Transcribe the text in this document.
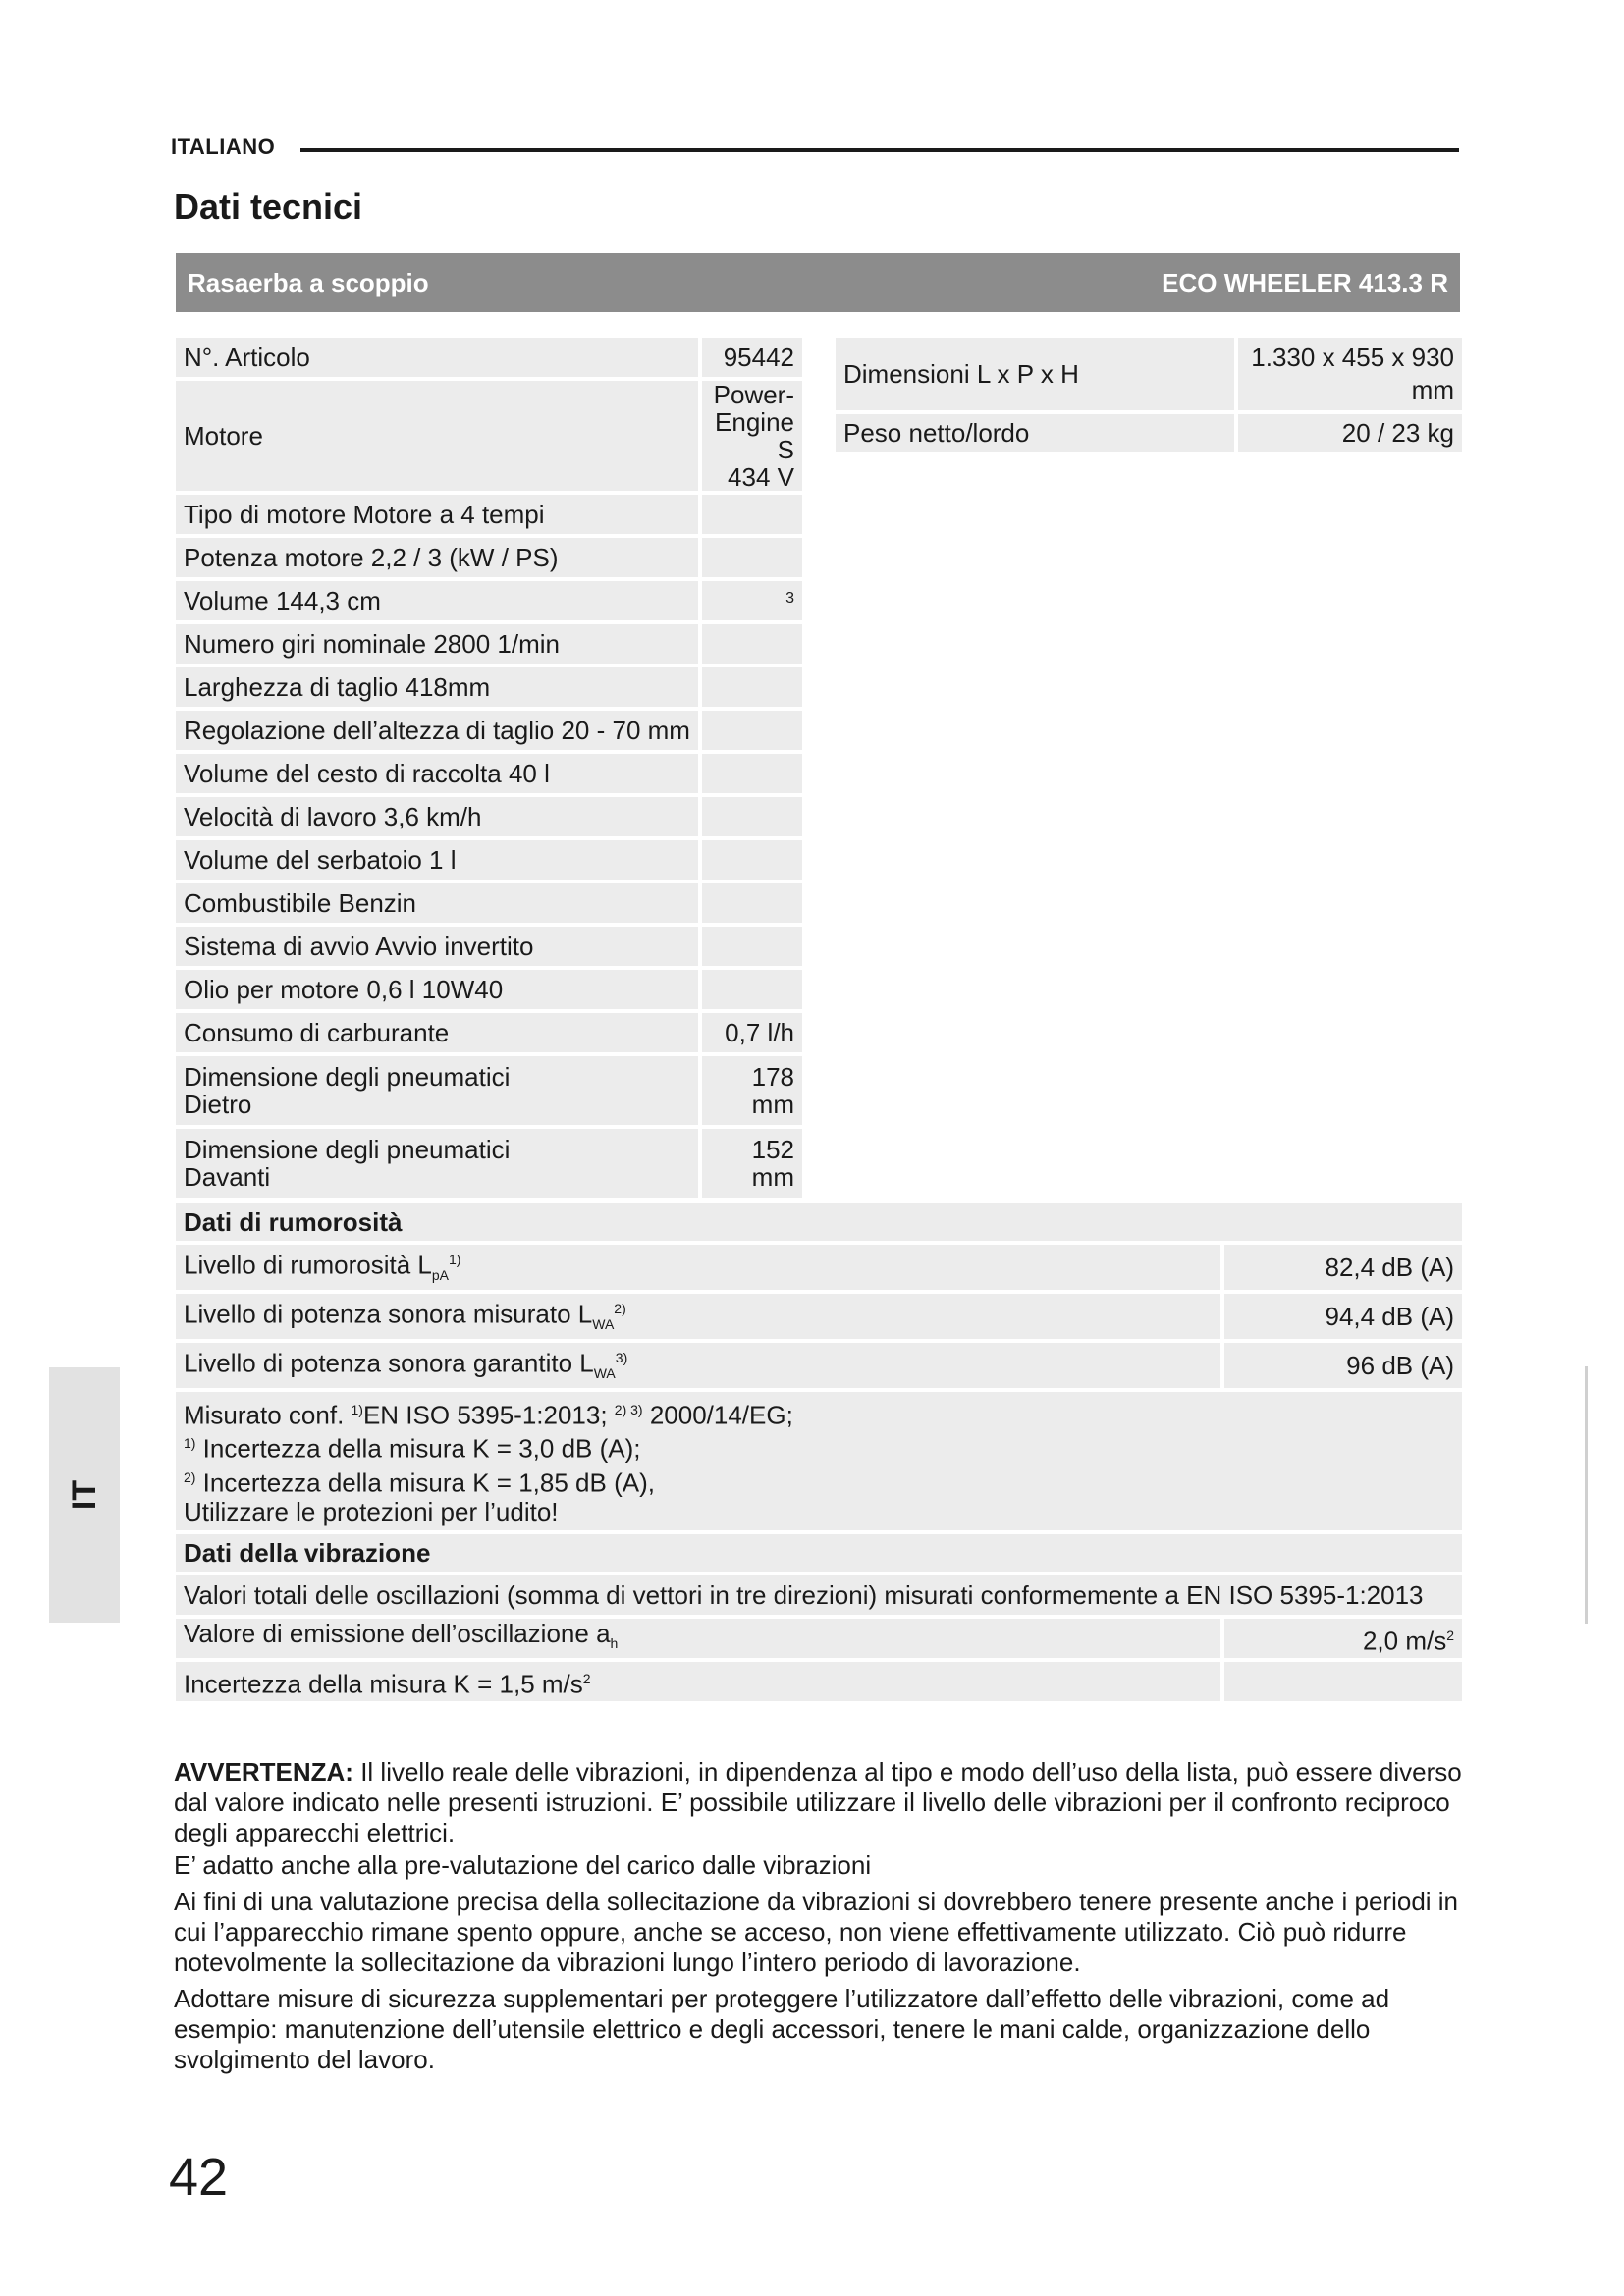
ITALIANO
Dati tecnici
Rasaerba a scoppio	ECO WHEELER 413.3 R
N°. Articolo	95442
Motore	Power-Engine S
434 V

Tipo di motore Motore a 4 tempi	
Potenza motore 2,2 / 3 (kW / PS)	
Volume 144,3 cm	3
Numero giri nominale 2800 1/min	
Larghezza di taglio 418mm	
Regolazione dell’altezza di taglio 20 - 70 mm	
Volume del cesto di raccolta 40 l	
Velocità di lavoro 3,6 km/h	
Volume del serbatoio 1 l	
Combustibile Benzin	
Sistema di avvio Avvio invertito	
Olio per motore 0,6 l 10W40	
Consumo di carburante	0,7 l/h

Dimensione degli pneumatici
Dietro	178 mm

Dimensione degli pneumatici
Davanti	152 mm
Dimensioni L x P x H	1.330 x 455 x 930
mm

Peso netto/lordo	20 / 23 kg
Dati di rumorosità	
Livello di rumorosità $L_{pA}^{1)}$	82,4 dB (A)
Livello di potenza sonora misurato $L_{WA}^{2)}$	94,4 dB (A)
Livello di potenza sonora garantito $L_{WA}^{3)}$	96 dB (A)

Misurato conf. $^{1)}$EN ISO 5395-1:2013; $^{2) 3)}$ 2000/14/EG;
$^{1)}$ Incertezza della misura K = 3,0 dB (A);
$^{2)}$ Incertezza della misura K = 1,85 dB (A),
Utilizzare le protezioni per l’udito!	

Dati della vibrazione	
Valori totali delle oscillazioni (somma di vettori in tre direzioni) misurati conformemente a EN ISO 5395-1:2013	
Valore di emissione dell’oscillazione $a_h$	2,0 $m/s^2$
Incertezza della misura K = 1,5 $m/s^2$	
IT

AVVERTENZA: Il livello reale delle vibrazioni, in dipendenza al tipo e modo dell’uso della lista, può essere diverso dal valore indicato nelle presenti istruzioni. E’ possibile utilizzare il livello delle vibrazioni per il confronto reciproco degli apparecchi elettrici.

E’ adatto anche alla pre-valutazione del carico dalle vibrazioni

Ai fini di una valutazione precisa della sollecitazione da vibrazioni si dovrebbero tenere presente anche i periodi in cui l’apparecchio rimane spento oppure, anche se acceso, non viene effettivamente utilizzato. Ciò può ridurre notevolmente la sollecitazione da vibrazioni lungo l’intero periodo di lavorazione.

Adottare misure di sicurezza supplementari per proteggere l’utilizzatore dall’effetto delle vibrazioni, come ad esempio: manutenzione dell’utensile elettrico e degli accessori, tenere le mani calde, organizzazione dello svolgimento del lavoro.

42
